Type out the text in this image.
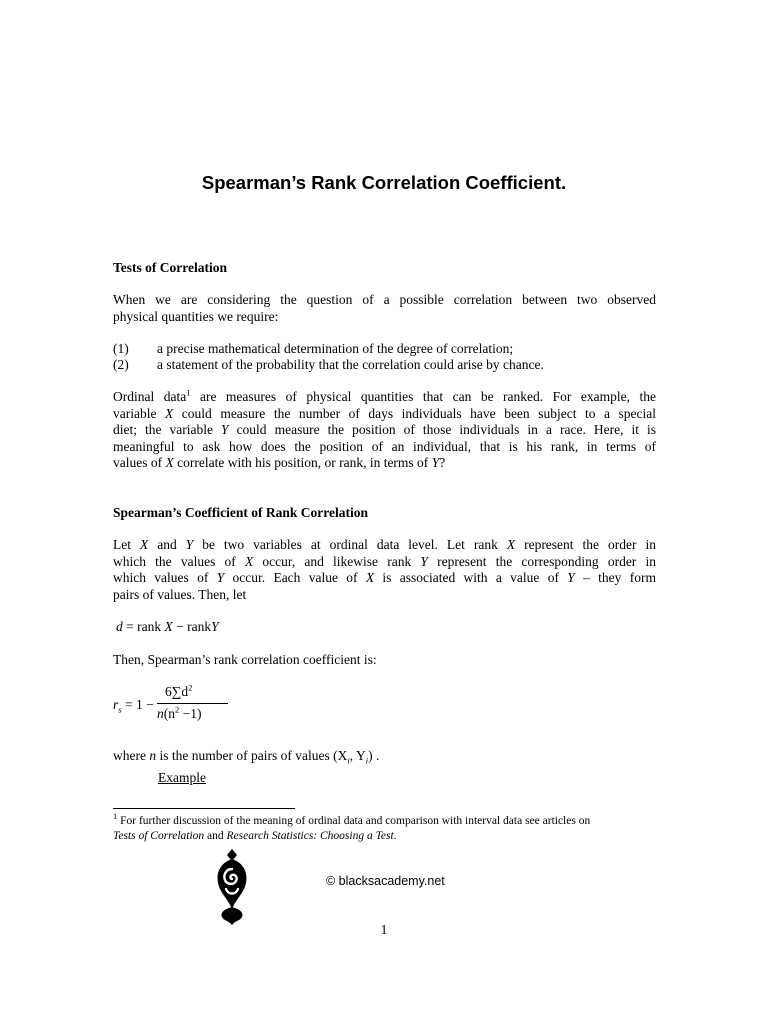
Spearman’s Rank Correlation Coefficient.
Tests of Correlation
When we are considering the question of a possible correlation between two observed
physical quantities we require:
(1) a precise mathematical determination of the degree of correlation;
(2) a statement of the probability that the correlation could arise by chance.
Ordinal data$^1$ are measures of physical quantities that can be ranked. For example, the
variable X could measure the number of days individuals have been subject to a special
diet; the variable Y could measure the position of those individuals in a race. Here, it is
meaningful to ask how does the position of an individual, that is his rank, in terms of
values of X correlate with his position, or rank, in terms of Y?
Spearman’s Coefficient of Rank Correlation
Let X and Y be two variables at ordinal data level. Let rank X represent the order in
which the values of X occur, and likewise rank Y represent the corresponding order in
which values of Y occur. Each value of X is associated with a value of Y – they form
pairs of values. Then, let
d = rank X − rankY
Then, Spearman’s rank correlation coefficient is:
$r_s = 1$ −
$6\sum d^2$
$n(n^2 -1)$
where n is the number of pairs of values ($X_i$, $Y_i$) .
Example
$^1$ For further discussion of the meaning of ordinal data and comparison with interval data see articles on
Tests of Correlation and Research Statistics: Choosing a Test.
© blacksacademy.net
1
